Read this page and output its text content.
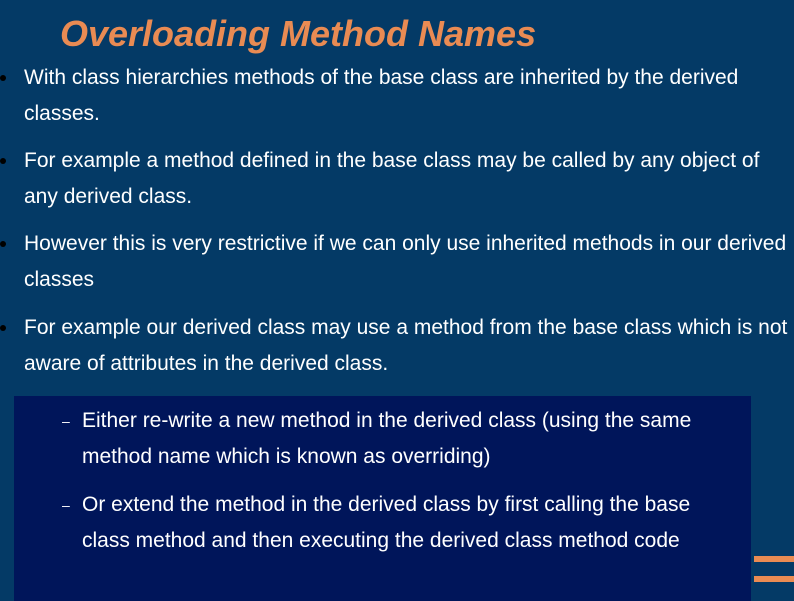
Overloading Method Names

With class hierarchies methods of the base class are inherited by the derived classes.

For example a method defined in the base class may be called by any object of any derived class.

However this is very restrictive if we can only use inherited methods in our derived classes

For example our derived class may use a method from the base class which is not aware of attributes in the derived class.

– Either re-write a new method in the derived class (using the same method name which is known as overriding)

– Or extend the method in the derived class by first calling the base class method and then executing the derived class method code
